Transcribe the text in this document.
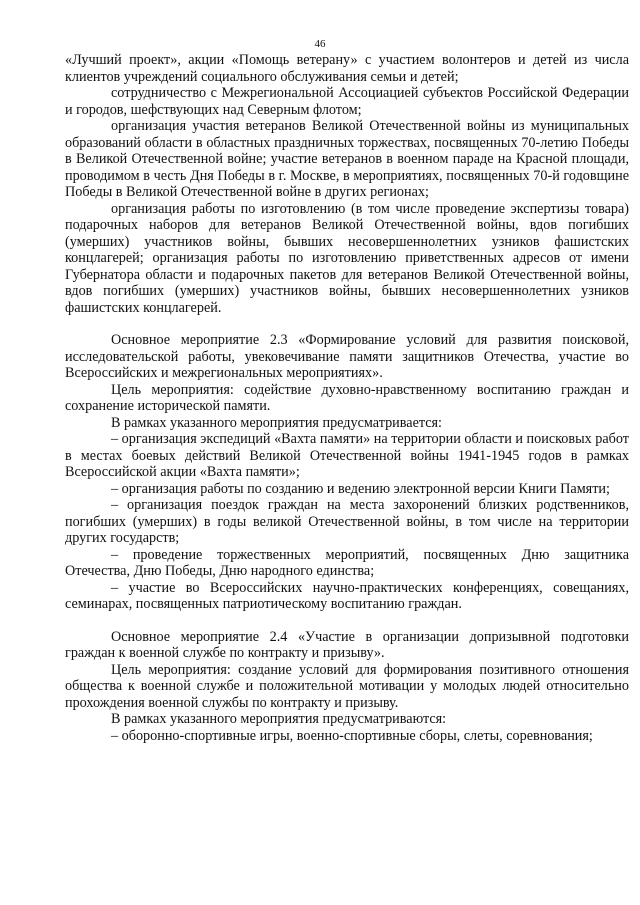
46

«Лучший проект», акции «Помощь ветерану» с участием волонтеров и детей из числа клиентов учреждений социального обслуживания семьи и детей;

сотрудничество с Межрегиональной Ассоциацией субъектов Российской Федерации и городов, шефствующих над Северным флотом;

организация участия ветеранов Великой Отечественной войны из муниципальных образований области в областных праздничных торжествах, посвященных 70-летию Победы в Великой Отечественной войне; участие ветеранов в военном параде на Красной площади, проводимом в честь Дня Победы в г. Москве, в мероприятиях, посвященных 70-й годовщине Победы в Великой Отечественной войне в других регионах;

организация работы по изготовлению (в том числе проведение экспертизы товара) подарочных наборов для ветеранов Великой Отечественной войны, вдов погибших (умерших) участников войны, бывших несовершеннолетних узников фашистских концлагерей; организация работы по изготовлению приветственных адресов от имени Губернатора области и подарочных пакетов для ветеранов Великой Отечественной войны, вдов погибших (умерших) участников войны, бывших несовершеннолетних узников фашистских концлагерей.

Основное мероприятие 2.3 «Формирование условий для развития поисковой, исследовательской работы, увековечивание памяти защитников Отечества, участие во Всероссийских и межрегиональных мероприятиях».

Цель мероприятия: содействие духовно-нравственному воспитанию граждан и сохранение исторической памяти.

В рамках указанного мероприятия предусматривается:

– организация экспедиций «Вахта памяти» на территории области и поисковых работ в местах боевых действий Великой Отечественной войны 1941-1945 годов в рамках Всероссийской акции «Вахта памяти»;

– организация работы по созданию и ведению электронной версии Книги Памяти;

– организация поездок граждан на места захоронений близких родственников, погибших (умерших) в годы великой Отечественной войны, в том числе на территории других государств;

– проведение торжественных мероприятий, посвященных Дню защитника Отечества, Дню Победы, Дню народного единства;

– участие во Всероссийских научно-практических конференциях, совещаниях, семинарах, посвященных патриотическому воспитанию граждан.

Основное мероприятие 2.4 «Участие в организации допризывной подготовки граждан к военной службе по контракту и призыву».

Цель мероприятия: создание условий для формирования позитивного отношения общества к военной службе и положительной мотивации у молодых людей относительно прохождения военной службы по контракту и призыву.

В рамках указанного мероприятия предусматриваются:

– оборонно-спортивные игры, военно-спортивные сборы, слеты, соревнования;
